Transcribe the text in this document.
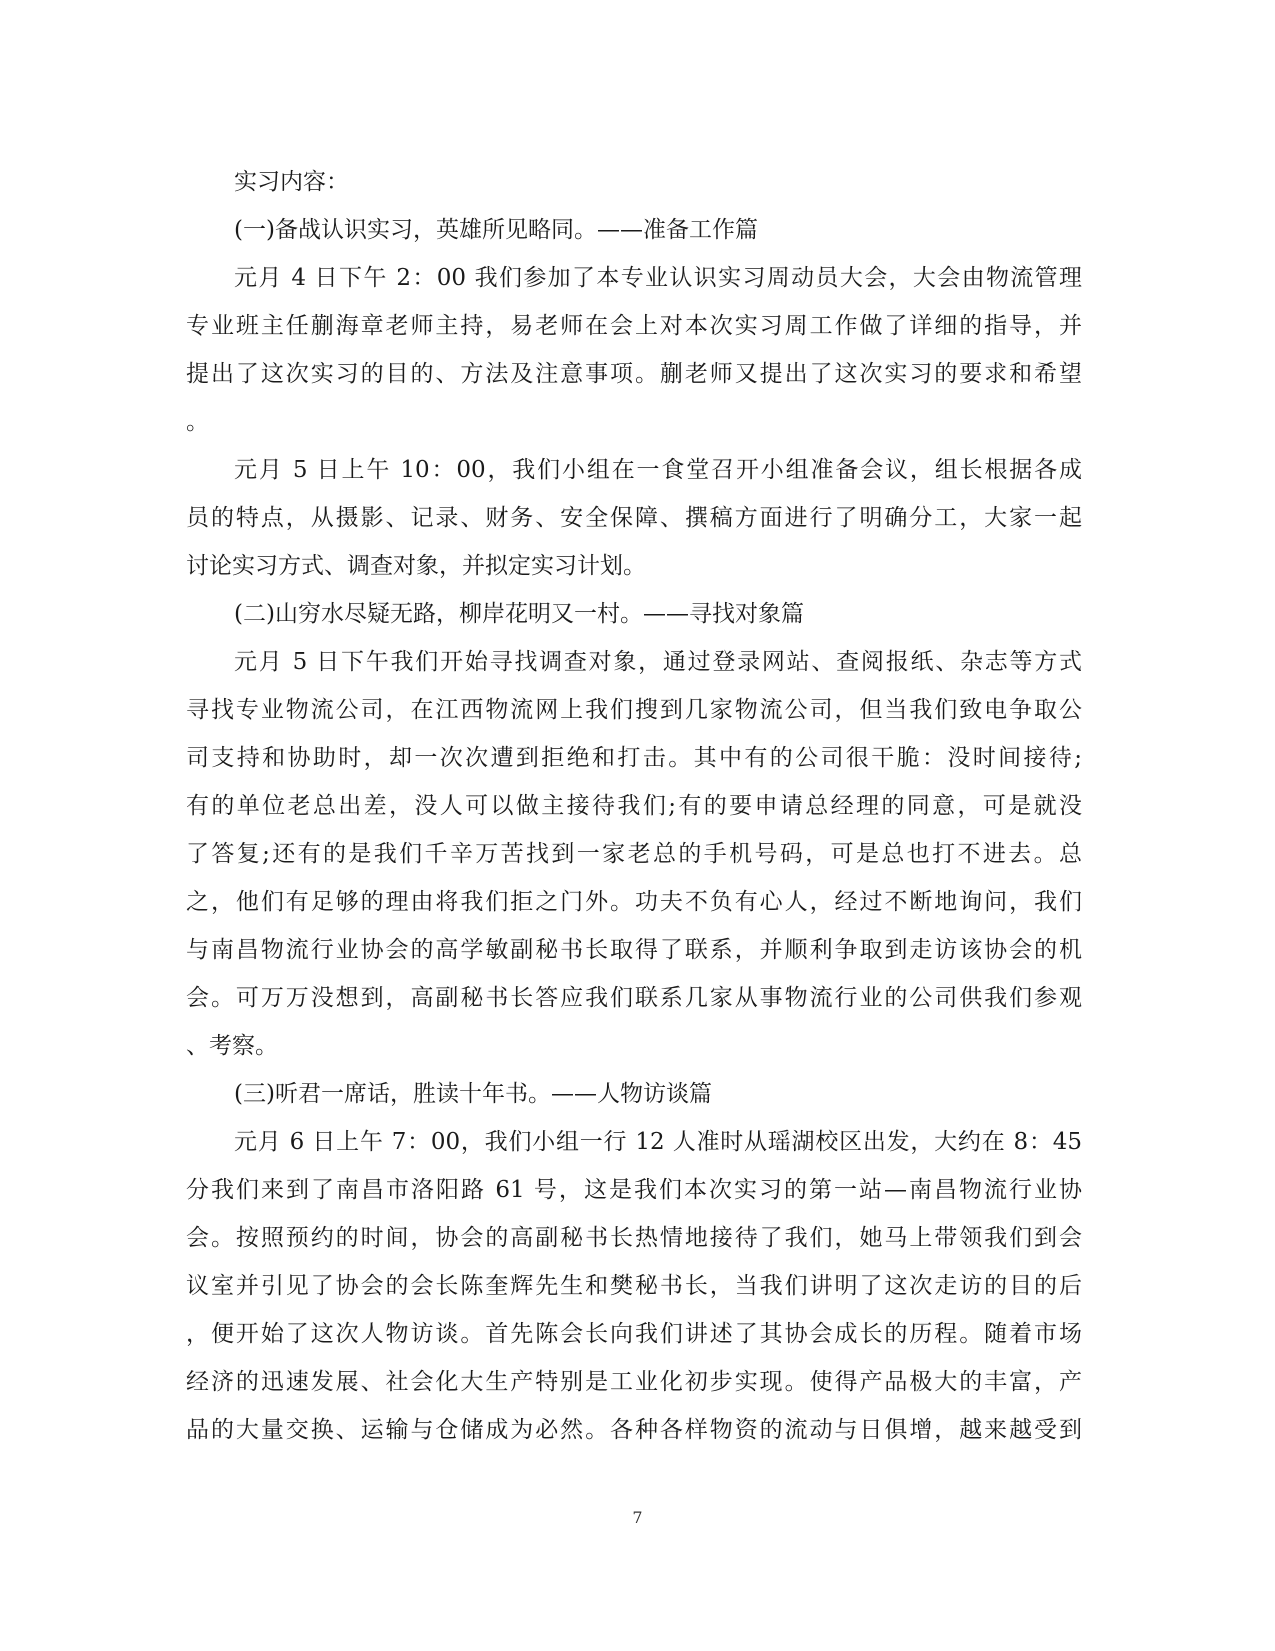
实习内容：
(一)备战认识实习，英雄所见略同。——准备工作篇
元月 4 日下午 2：00 我们参加了本专业认识实习周动员大会，大会由物流管理
专业班主任蒯海章老师主持，易老师在会上对本次实习周工作做了详细的指导，并
提出了这次实习的目的、方法及注意事项。蒯老师又提出了这次实习的要求和希望
。
元月 5 日上午 10：00，我们小组在一食堂召开小组准备会议，组长根据各成
员的特点，从摄影、记录、财务、安全保障、撰稿方面进行了明确分工，大家一起
讨论实习方式、调查对象，并拟定实习计划。
(二)山穷水尽疑无路，柳岸花明又一村。——寻找对象篇
元月 5 日下午我们开始寻找调查对象，通过登录网站、查阅报纸、杂志等方式
寻找专业物流公司，在江西物流网上我们搜到几家物流公司，但当我们致电争取公
司支持和协助时，却一次次遭到拒绝和打击。其中有的公司很干脆：没时间接待;
有的单位老总出差，没人可以做主接待我们;有的要申请总经理的同意，可是就没
了答复;还有的是我们千辛万苦找到一家老总的手机号码，可是总也打不进去。总
之，他们有足够的理由将我们拒之门外。功夫不负有心人，经过不断地询问，我们
与南昌物流行业协会的高学敏副秘书长取得了联系，并顺利争取到走访该协会的机
会。可万万没想到，高副秘书长答应我们联系几家从事物流行业的公司供我们参观
、考察。
(三)听君一席话，胜读十年书。——人物访谈篇
元月 6 日上午 7：00，我们小组一行 12 人准时从瑶湖校区出发，大约在 8：45
分我们来到了南昌市洛阳路 61 号，这是我们本次实习的第一站—南昌物流行业协
会。按照预约的时间，协会的高副秘书长热情地接待了我们，她马上带领我们到会
议室并引见了协会的会长陈奎辉先生和樊秘书长，当我们讲明了这次走访的目的后
，便开始了这次人物访谈。首先陈会长向我们讲述了其协会成长的历程。随着市场
经济的迅速发展、社会化大生产特别是工业化初步实现。使得产品极大的丰富，产
品的大量交换、运输与仓储成为必然。各种各样物资的流动与日俱增，越来越受到
7
